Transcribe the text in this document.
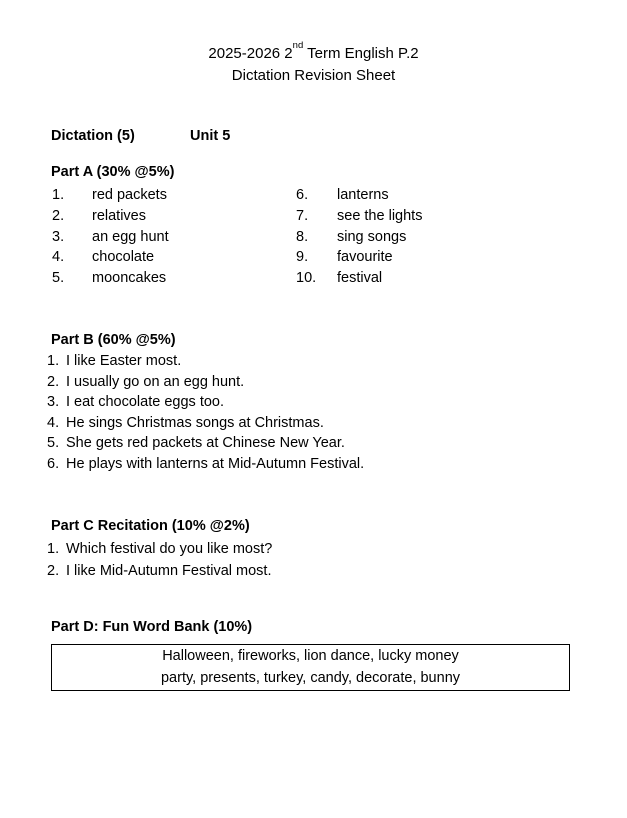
2025-2026 2nd Term English P.2
Dictation Revision Sheet
Dictation (5)	Unit 5
Part A (30% @5%)
1. red packets	6. lanterns
2. relatives	7. see the lights
3. an egg hunt	8. sing songs
4. chocolate	9. favourite
5. mooncakes	10. festival
Part B (60% @5%)
1. I like Easter most.
2. I usually go on an egg hunt.
3. I eat chocolate eggs too.
4. He sings Christmas songs at Christmas.
5. She gets red packets at Chinese New Year.
6. He plays with lanterns at Mid-Autumn Festival.
Part C Recitation (10% @2%)
1. Which festival do you like most?
2. I like Mid-Autumn Festival most.
Part D: Fun Word Bank (10%)
Halloween, fireworks, lion dance, lucky money
party, presents, turkey, candy, decorate, bunny
